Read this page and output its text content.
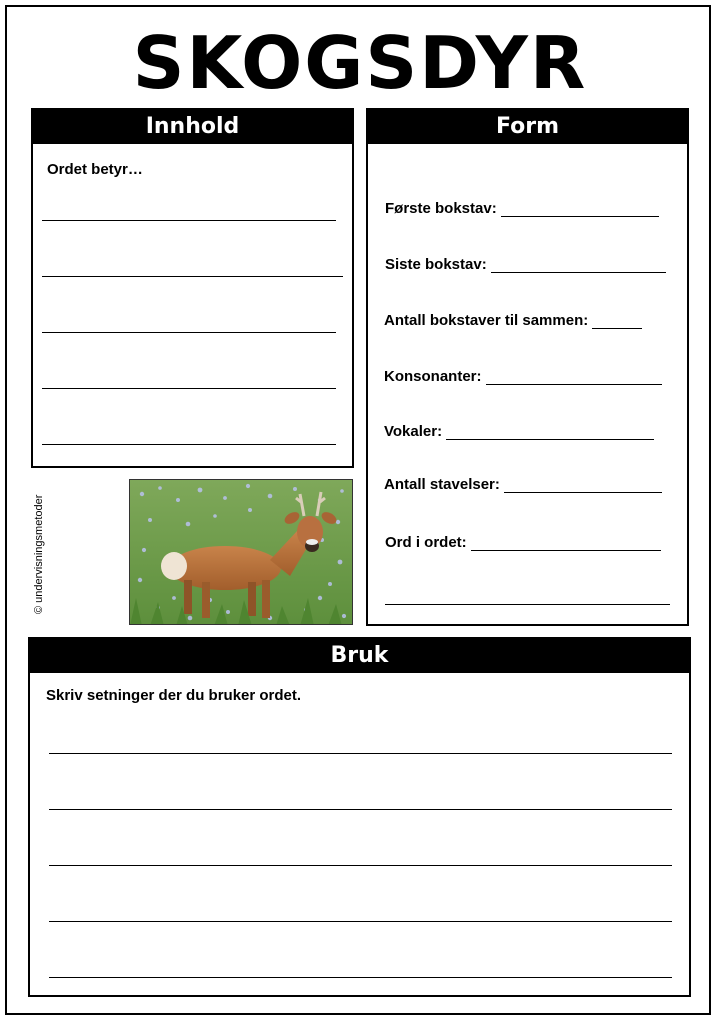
SKOGSDYR
Innhold
Ordet betyr…
Form
Første bokstav:
Siste bokstav:
Antall bokstaver til sammen:
Konsonanter:
Vokaler:
Antall stavelser:
Ord i ordet:
© undervisningsmetoder
Bruk
Skriv setninger der du bruker ordet.
